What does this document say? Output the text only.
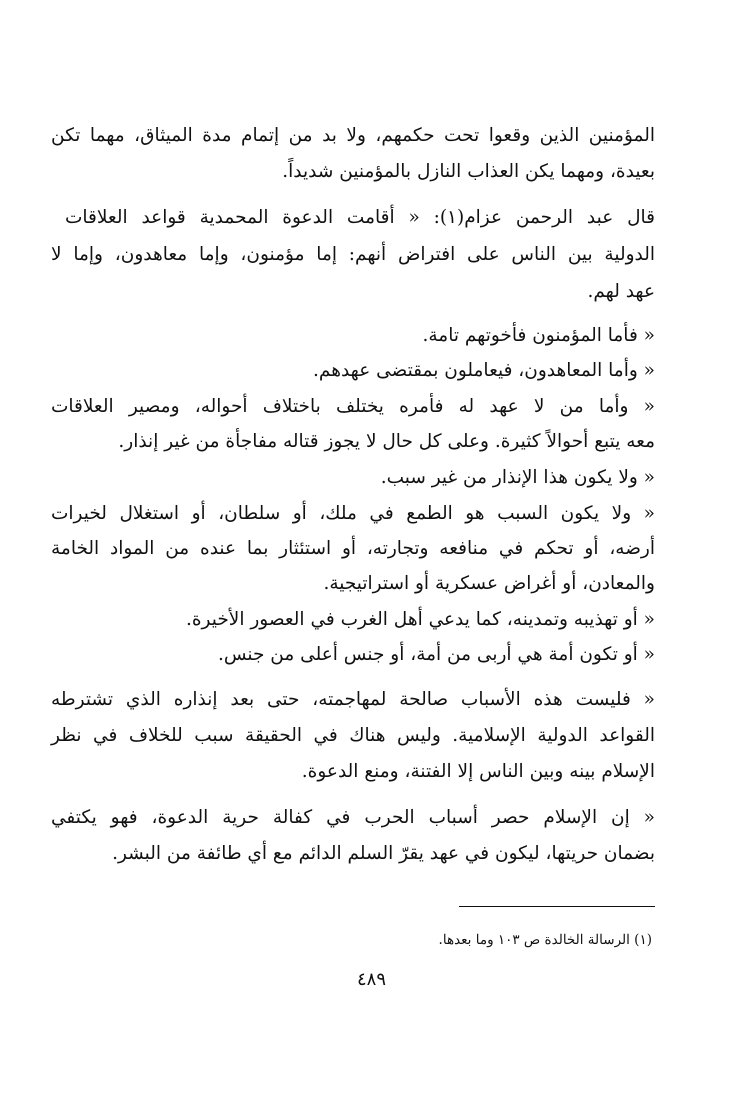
المؤمنين الذين وقعوا تحت حكمهم، ولا بد من إتمام مدة الميثاق، مهما تكن
بعيدة، ومهما يكن العذاب النازل بالمؤمنين شديداً.
قال عبد الرحمن عزام(١): « أقامت الدعوة المحمدية قواعد العلاقات
الدولية بين الناس على افتراض أنهم: إما مؤمنون، وإما معاهدون، وإما لا
عهد لهم.
« فأما المؤمنون فأخوتهم تامة.
« وأما المعاهدون، فيعاملون بمقتضى عهدهم.
« وأما من لا عهد له فأمره يختلف باختلاف أحواله، ومصير العلاقات
معه يتبع أحوالاً كثيرة. وعلى كل حال لا يجوز قتاله مفاجأة من غير إنذار.
« ولا يكون هذا الإنذار من غير سبب.
« ولا يكون السبب هو الطمع في ملك، أو سلطان، أو استغلال لخيرات
أرضه، أو تحكم في منافعه وتجارته، أو استئثار بما عنده من المواد الخامة
والمعادن، أو أغراض عسكرية أو استراتيجية.
« أو تهذيبه وتمدينه، كما يدعي أهل الغرب في العصور الأخيرة.
« أو تكون أمة هي أربى من أمة، أو جنس أعلى من جنس.
« فليست هذه الأسباب صالحة لمهاجمته، حتى بعد إنذاره الذي تشترطه
القواعد الدولية الإسلامية. وليس هناك في الحقيقة سبب للخلاف في نظر
الإسلام بينه وبين الناس إلا الفتنة، ومنع الدعوة.
« إن الإسلام حصر أسباب الحرب في كفالة حرية الدعوة، فهو يكتفي
بضمان حريتها، ليكون في عهد يقرّ السلم الدائم مع أي طائفة من البشر.
(١) الرسالة الخالدة ص ١٠٣ وما بعدها.
٤٨٩
